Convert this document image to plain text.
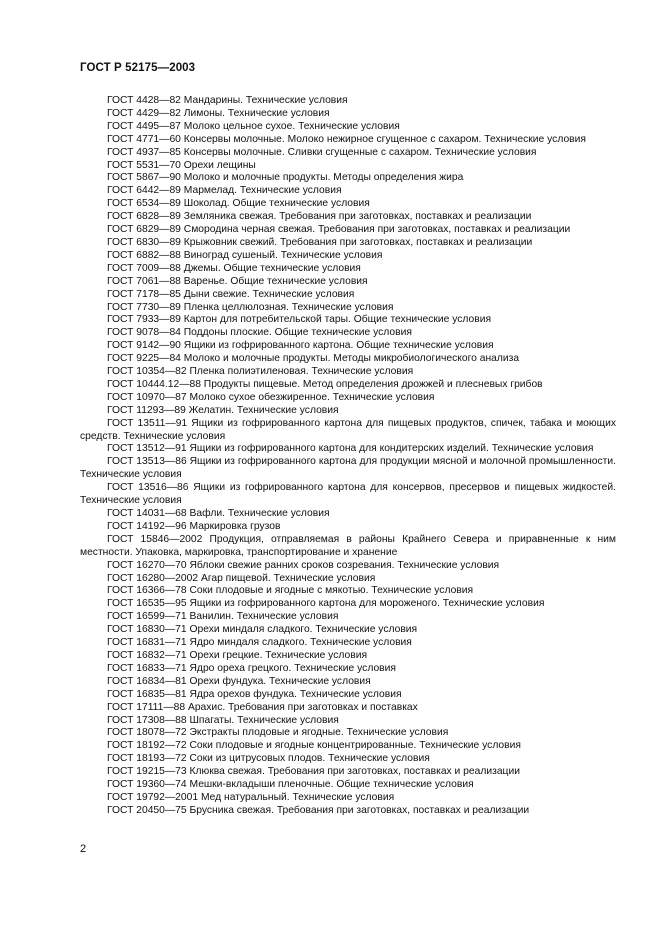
ГОСТ Р 52175—2003

ГОСТ 4428—82 Мандарины. Технические условия

ГОСТ 4429—82 Лимоны. Технические условия

ГОСТ 4495—87 Молоко цельное сухое. Технические условия

ГОСТ 4771—60 Консервы молочные. Молоко нежирное сгущенное с сахаром. Технические условия

ГОСТ 4937—85 Консервы молочные. Сливки сгущенные с сахаром. Технические условия

ГОСТ 5531—70 Орехи лещины

ГОСТ 5867—90 Молоко и молочные продукты. Методы определения жира

ГОСТ 6442—89 Мармелад. Технические условия

ГОСТ 6534—89 Шоколад. Общие технические условия

ГОСТ 6828—89 Земляника свежая. Требования при заготовках, поставках и реализации

ГОСТ 6829—89 Смородина черная свежая. Требования при заготовках, поставках и реализации

ГОСТ 6830—89 Крыжовник свежий. Требования при заготовках, поставках и реализации

ГОСТ 6882—88 Виноград сушеный. Технические условия

ГОСТ 7009—88 Джемы. Общие технические условия

ГОСТ 7061—88 Варенье. Общие технические условия

ГОСТ 7178—85 Дыни свежие. Технические условия

ГОСТ 7730—89 Пленка целлюлозная. Технические условия

ГОСТ 7933—89 Картон для потребительской тары. Общие технические условия

ГОСТ 9078—84 Поддоны плоские. Общие технические условия

ГОСТ 9142—90 Ящики из гофрированного картона. Общие технические условия

ГОСТ 9225—84 Молоко и молочные продукты. Методы микробиологического анализа

ГОСТ 10354—82 Пленка полиэтиленовая. Технические условия

ГОСТ 10444.12—88 Продукты пищевые. Метод определения дрожжей и плесневых грибов

ГОСТ 10970—87 Молоко сухое обезжиренное. Технические условия

ГОСТ 11293—89 Желатин. Технические условия

ГОСТ 13511—91 Ящики из гофрированного картона для пищевых продуктов, спичек, табака и моющих средств. Технические условия

ГОСТ 13512—91 Ящики из гофрированного картона для кондитерских изделий. Технические условия

ГОСТ 13513—86 Ящики из гофрированного картона для продукции мясной и молочной промышленности. Технические условия

ГОСТ 13516—86 Ящики из гофрированного картона для консервов, пресервов и пищевых жидкостей. Технические условия

ГОСТ 14031—68 Вафли. Технические условия

ГОСТ 14192—96 Маркировка грузов

ГОСТ 15846—2002 Продукция, отправляемая в районы Крайнего Севера и приравненные к ним местности. Упаковка, маркировка, транспортирование и хранение

ГОСТ 16270—70 Яблоки свежие ранних сроков созревания. Технические условия

ГОСТ 16280—2002 Агар пищевой. Технические условия

ГОСТ 16366—78 Соки плодовые и ягодные с мякотью. Технические условия

ГОСТ 16535—95 Ящики из гофрированного картона для мороженого. Технические условия

ГОСТ 16599—71 Ванилин. Технические условия

ГОСТ 16830—71 Орехи миндаля сладкого. Технические условия

ГОСТ 16831—71 Ядро миндаля сладкого. Технические условия

ГОСТ 16832—71 Орехи грецкие. Технические условия

ГОСТ 16833—71 Ядро ореха грецкого. Технические условия

ГОСТ 16834—81 Орехи фундука. Технические условия

ГОСТ 16835—81 Ядра орехов фундука. Технические условия

ГОСТ 17111—88 Арахис. Требования при заготовках и поставках

ГОСТ 17308—88 Шпагаты. Технические условия

ГОСТ 18078—72 Экстракты плодовые и ягодные. Технические условия

ГОСТ 18192—72 Соки плодовые и ягодные концентрированные. Технические условия

ГОСТ 18193—72 Соки из цитрусовых плодов. Технические условия

ГОСТ 19215—73 Клюква свежая. Требования при заготовках, поставках и реализации

ГОСТ 19360—74 Мешки-вкладыши пленочные. Общие технические условия

ГОСТ 19792—2001 Мед натуральный. Технические условия

ГОСТ 20450—75 Брусника свежая. Требования при заготовках, поставках и реализации

2
